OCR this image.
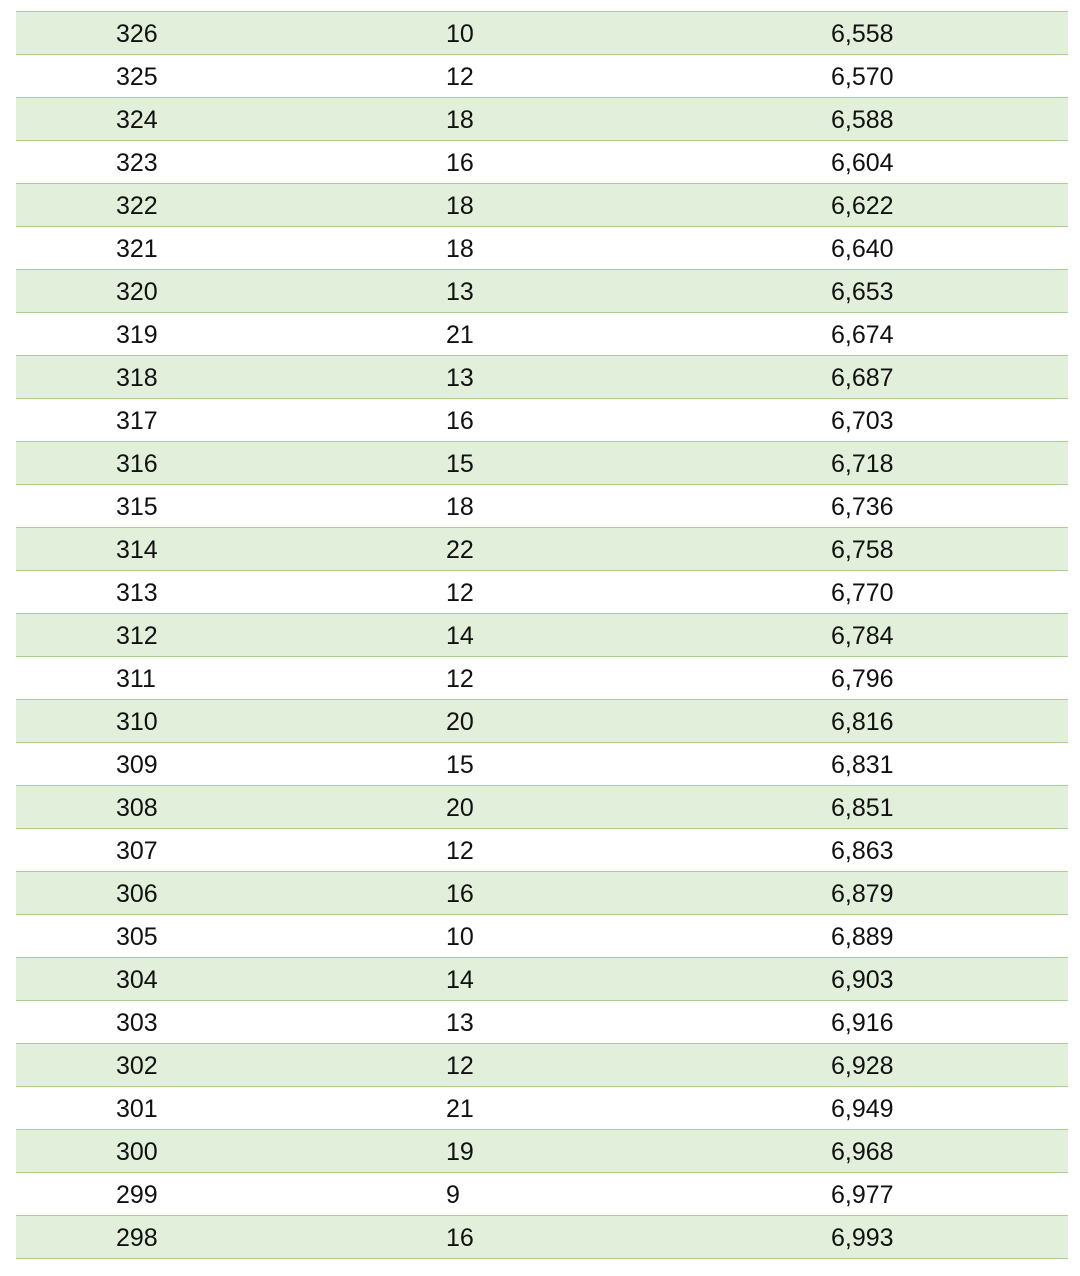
326	10	6,558
325	12	6,570
324	18	6,588
323	16	6,604
322	18	6,622
321	18	6,640
320	13	6,653
319	21	6,674
318	13	6,687
317	16	6,703
316	15	6,718
315	18	6,736
314	22	6,758
313	12	6,770
312	14	6,784
311	12	6,796
310	20	6,816
309	15	6,831
308	20	6,851
307	12	6,863
306	16	6,879
305	10	6,889
304	14	6,903
303	13	6,916
302	12	6,928
301	21	6,949
300	19	6,968
299	9	6,977
298	16	6,993
